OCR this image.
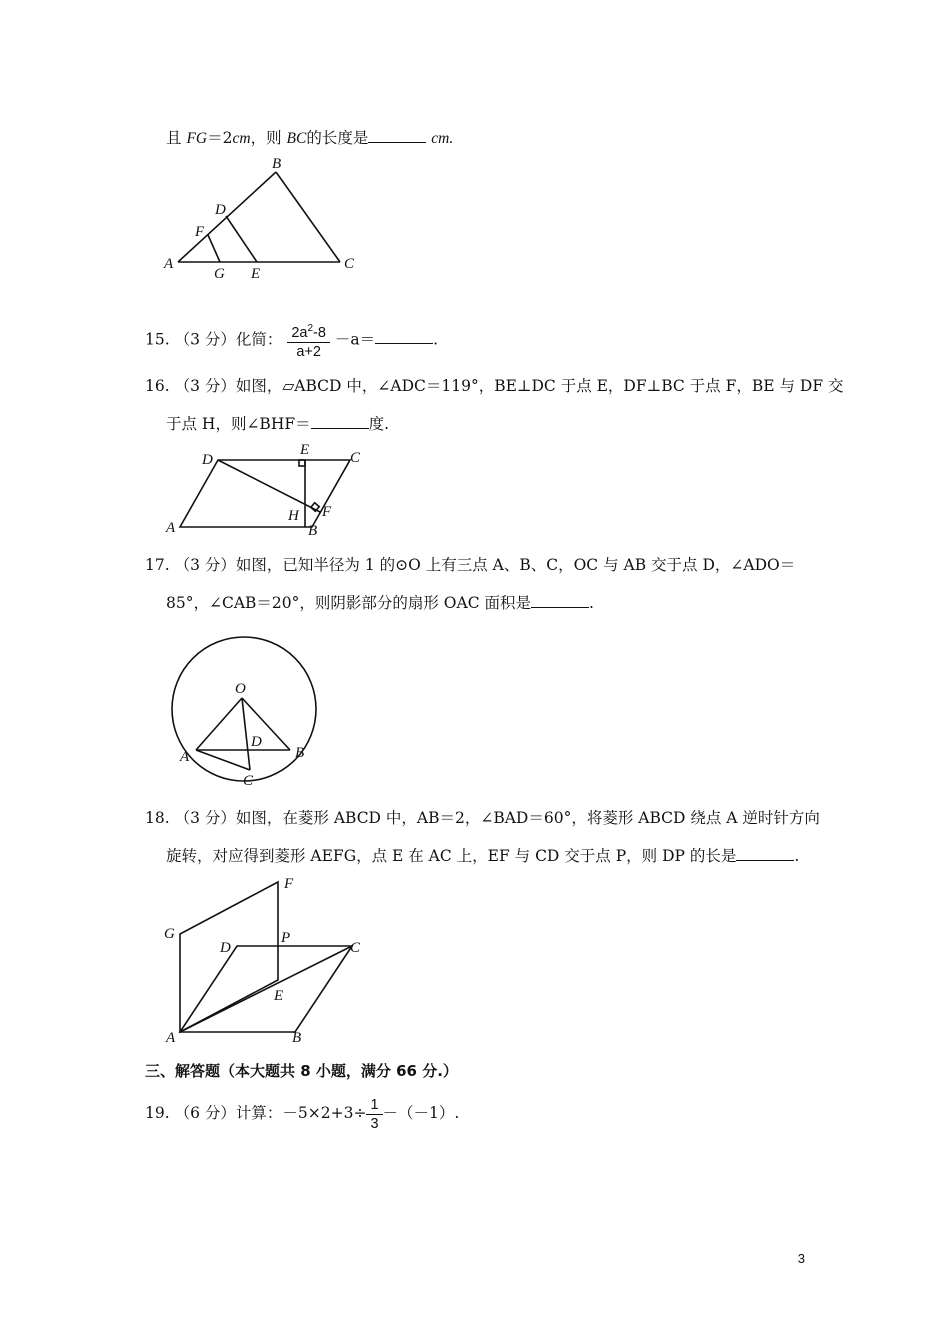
且 FG＝2cm，则 BC的长度是	cm.
B
D
F
A
G E
C
15. （3 分）化简： $\frac{2a^2-8}{a+2} -a=$	.
16. （3 分）如图，▱ABCD 中，∠ADC＝119°，BE⊥DC 于点 E，DF⊥BC 于点 F，BE 与 DF 交
于点 H，则∠BHF＝	度.
D
E	C
A
H F
B
17. （3 分）如图，已知半径为 1 的⊙O 上有三点 A、B、C，OC 与 AB 交于点 D，∠ADO＝
85°，∠CAB＝20°，则阴影部分的扇形 OAC 面积是	.
O
D
A	B
C
18. （3 分）如图，在菱形 ABCD 中，AB＝2，∠BAD＝60°，将菱形 ABCD 绕点 A 逆时针方向
旋转，对应得到菱形 AEFG，点 E 在 AC 上，EF 与 CD 交于点 P，则 DP 的长是	.
F
G
D
P
C
E
A	B
三、解答题（本大题共 8 小题，满分 66 分.）
19. （6 分）计算：$-5\times 2+3\div \frac{1}{3} -(-1)$.
3
